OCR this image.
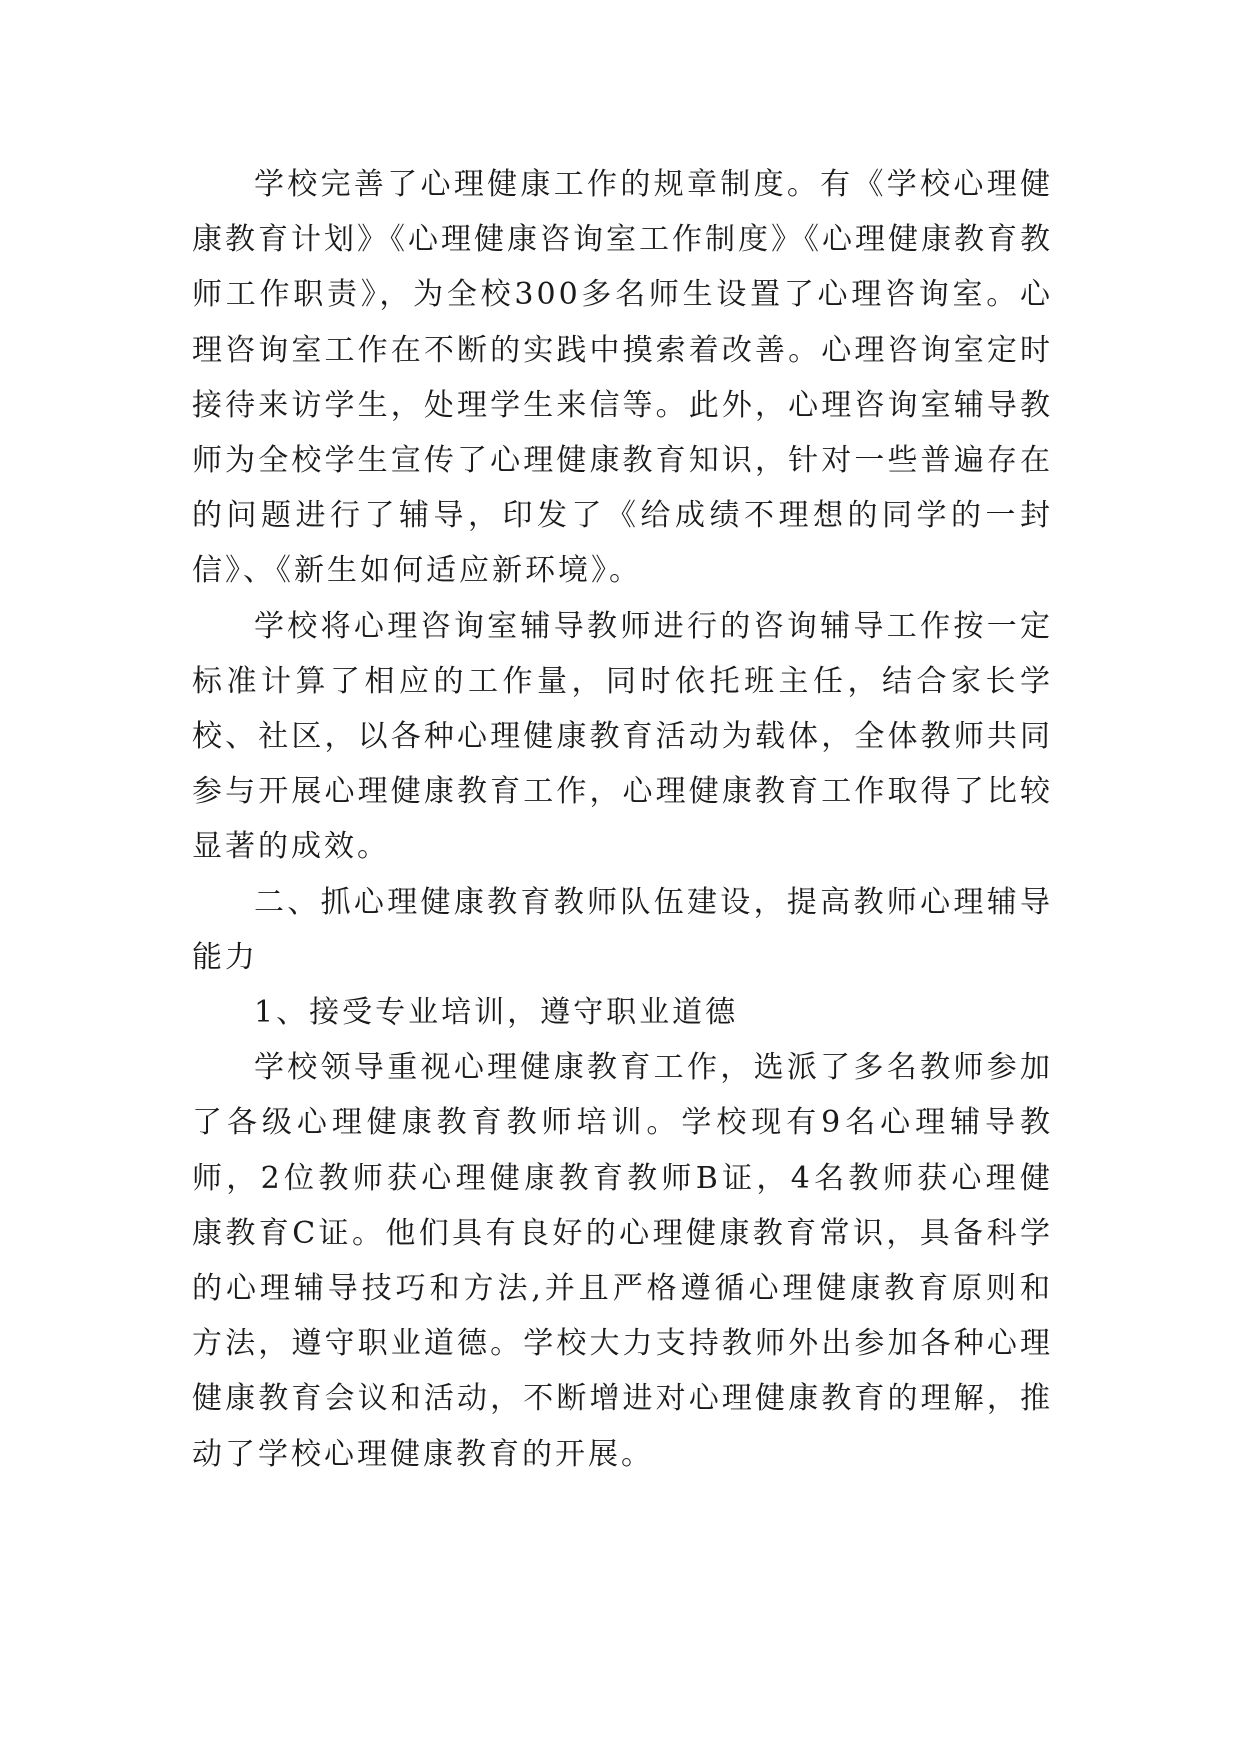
学校完善了心理健康工作的规章制度。有《学校心理健康教育计划》《心理健康咨询室工作制度》《心理健康教育教师工作职责》，为全校300多名师生设置了心理咨询室。心理咨询室工作在不断的实践中摸索着改善。心理咨询室定时接待来访学生，处理学生来信等。此外，心理咨询室辅导教师为全校学生宣传了心理健康教育知识，针对一些普遍存在的问题进行了辅导，印发了《给成绩不理想的同学的一封信》、《新生如何适应新环境》。

学校将心理咨询室辅导教师进行的咨询辅导工作按一定标准计算了相应的工作量，同时依托班主任，结合家长学校、社区，以各种心理健康教育活动为载体，全体教师共同参与开展心理健康教育工作，心理健康教育工作取得了比较显著的成效。

二、抓心理健康教育教师队伍建设，提高教师心理辅导能力

1、接受专业培训，遵守职业道德

学校领导重视心理健康教育工作，选派了多名教师参加了各级心理健康教育教师培训。学校现有9名心理辅导教师，2位教师获心理健康教育教师B证，4名教师获心理健康教育C证。他们具有良好的心理健康教育常识，具备科学的心理辅导技巧和方法,并且严格遵循心理健康教育原则和方法，遵守职业道德。学校大力支持教师外出参加各种心理健康教育会议和活动，不断增进对心理健康教育的理解，推动了学校心理健康教育的开展。
